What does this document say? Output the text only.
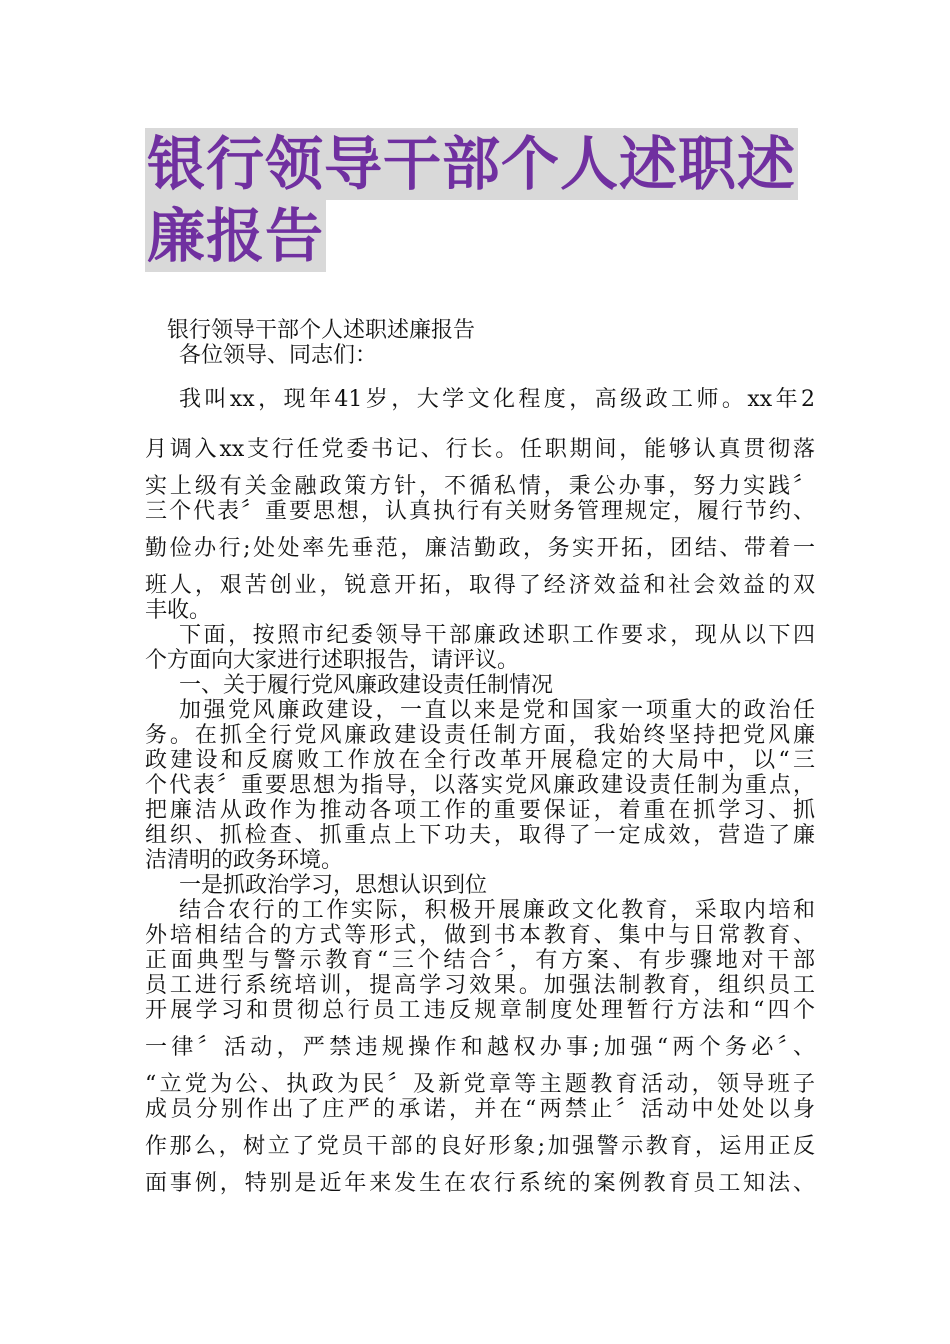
银行领导干部个人述职述
廉报告
银行领导干部个人述职述廉报告
各位领导、同志们：
我叫xx，现年41岁，大学文化程度，高级政工师。xx年2
月调入xx支行任党委书记、行长。任职期间，能够认真贯彻落
实上级有关金融政策方针，不循私情，秉公办事，努力实践〞
三个代表〞重要思想，认真执行有关财务管理规定，履行节约、
勤俭办行;处处率先垂范，廉洁勤政，务实开拓，团结、带着一
班人，艰苦创业，锐意开拓，取得了经济效益和社会效益的双
丰收。
下面，按照市纪委领导干部廉政述职工作要求，现从以下四
个方面向大家进行述职报告，请评议。
一、关于履行党风廉政建设责任制情况
加强党风廉政建设，一直以来是党和国家一项重大的政治任
务。在抓全行党风廉政建设责任制方面，我始终坚持把党风廉
政建设和反腐败工作放在全行改革开展稳定的大局中，以“三
个代表〞重要思想为指导，以落实党风廉政建设责任制为重点，
把廉洁从政作为推动各项工作的重要保证，着重在抓学习、抓
组织、抓检查、抓重点上下功夫，取得了一定成效，营造了廉
洁清明的政务环境。
一是抓政治学习，思想认识到位
结合农行的工作实际，积极开展廉政文化教育，采取内培和
外培相结合的方式等形式，做到书本教育、集中与日常教育、
正面典型与警示教育“三个结合〞，有方案、有步骤地对干部
员工进行系统培训，提高学习效果。加强法制教育，组织员工
开展学习和贯彻总行员工违反规章制度处理暂行方法和“四个
一律〞活动，严禁违规操作和越权办事;加强“两个务必〞、
“立党为公、执政为民〞及新党章等主题教育活动，领导班子
成员分别作出了庄严的承诺，并在“两禁止〞活动中处处以身
作那么，树立了党员干部的良好形象;加强警示教育，运用正反
面事例，特别是近年来发生在农行系统的案例教育员工知法、
